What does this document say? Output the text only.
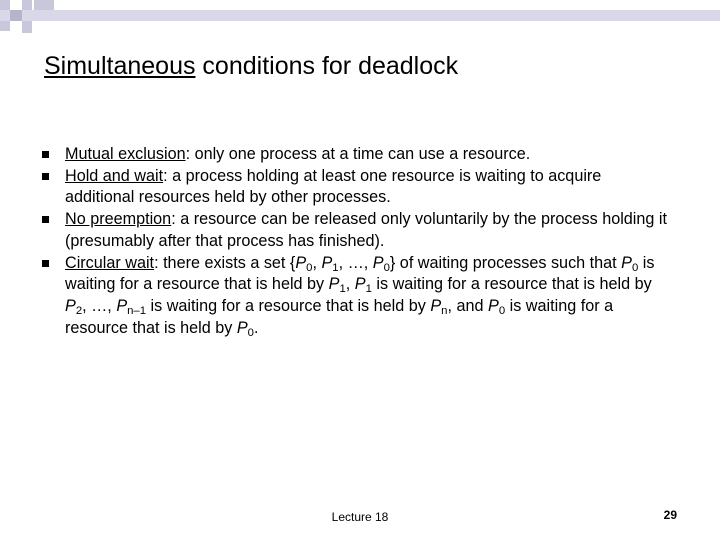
Simultaneous conditions for deadlock
Mutual exclusion: only one process at a time can use a resource.
Hold and wait: a process holding at least one resource is waiting to acquire additional resources held by other processes.
No preemption: a resource can be released only voluntarily by the process holding it (presumably after that process has finished).
Circular wait: there exists a set {$P_0$, $P_1$, …, $P_0$} of waiting processes such that $P_0$ is waiting for a resource that is held by $P_1$, $P_1$ is waiting for a resource that is held by $P_2$, …, $P_{n-1}$ is waiting for a resource that is held by $P_n$, and $P_0$ is waiting for a resource that is held by $P_0$.
Lecture 18	29
